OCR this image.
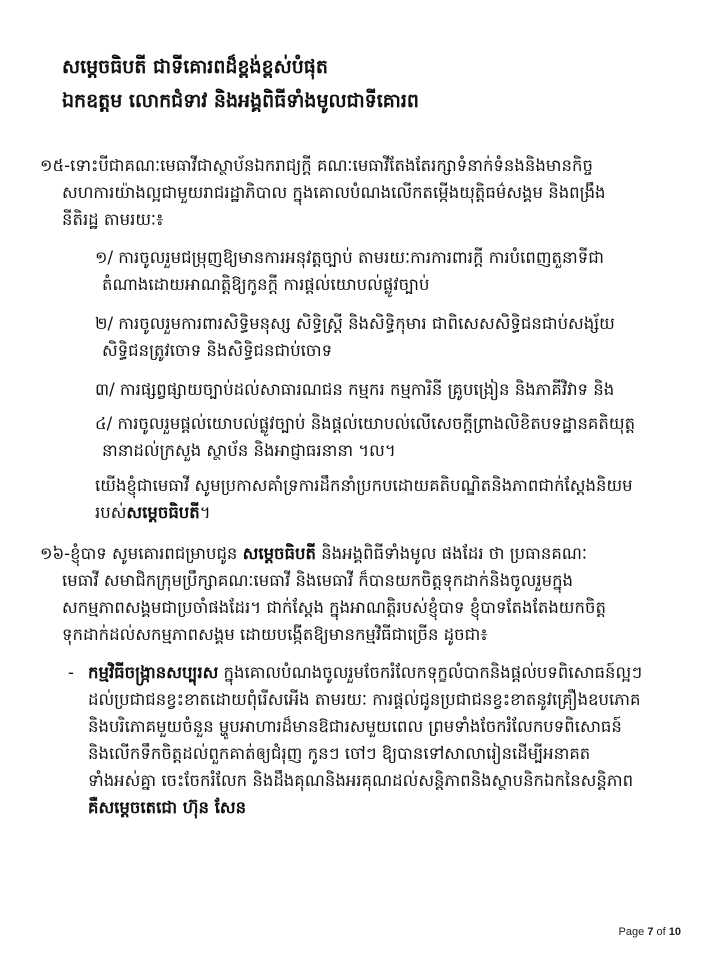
សម្ដេចធិបតី ជាទីគោរពដ៏ខ្ពង់ខ្ពស់បំផុត
ឯកឧត្តម លោកជំទាវ និងអង្គពិធីទាំងមូលជាទីគោរព
១៥-ទោះបីជាគណៈមេធាវីជាស្ថាប័នឯករាជ្យក្ដី គណៈមេធាវីតែងតែរក្សាទំនាក់ទំនងនិងមានកិច្ច
សហការយ៉ាងល្អជាមួយរាជរដ្ឋាភិបាល ក្នុងគោលបំណងលើកតម្កើងយុត្តិធម៌សង្គម និងពង្រឹង
នីតិរដ្ឋ តាមរយៈ៖
១/ ការចូលរួមជម្រុញឱ្យមានការអនុវត្តច្បាប់ តាមរយៈការការពារក្ដី ការបំពេញតួនាទីជា
តំណាងដោយអាណត្តិឱ្យកូនក្ដី ការផ្ដល់យោបល់ផ្លូវច្បាប់
២/ ការចូលរួមការពារសិទ្ធិមនុស្ស សិទ្ធិស្ត្រី និងសិទ្ធិកុមារ ជាពិសេសសិទ្ធិជនជាប់សង្ស័យ
សិទ្ធិជនត្រូវចោទ និងសិទ្ធិជនជាប់ចោទ
៣/ ការផ្សព្វផ្សាយច្បាប់ដល់សាធារណជន កម្មករ កម្មការិនី គ្រូបង្រៀន និងភាគីវិវាទ និង
៤/ ការចូលរួមផ្ដល់យោបល់ផ្លូវច្បាប់ និងផ្ដល់យោបល់លើសេចក្ដីព្រាងលិខិតបទដ្ឋានគតិយុត្ត
នានាដល់ក្រសួង ស្ថាប័ន និងអាជ្ញាធរនានា ។ល។
យើងខ្ញុំជាមេធាវី សូមប្រកាសគាំទ្រការដឹកនាំប្រកបដោយគតិបណ្ឌិតនិងភាពជាក់ស្ដែងនិយម
របស់សម្ដេចធិបតី។
១៦-ខ្ញុំបាទ សូមគោរពជម្រាបជូន សម្ដេចធិបតី និងអង្គពិធីទាំងមូល ផងដែរ ថា ប្រធានគណៈ
មេធាវី សមាជិកក្រុមប្រឹក្សាគណៈមេធាវី និងមេធាវី ក៏បានយកចិត្តទុកដាក់និងចូលរួមក្នុង
សកម្មភាពសង្គមជាប្រចាំផងដែរ។ ជាក់ស្ដែង ក្នុងអាណត្តិរបស់ខ្ញុំបាទ ខ្ញុំបាទតែងតែងយកចិត្ត
ទុកដាក់ដល់សកម្មភាពសង្គម ដោយបង្កើតឱ្យមានកម្មវិធីជាច្រើន ដូចជា៖
- កម្មវិធីចង្ក្រានសប្បុរស ក្នុងគោលបំណងចូលរួមចែករំលែកទុក្ខលំបាកនិងផ្ដល់បទពិសោធន៍ល្អៗ
ដល់ប្រជាជនខ្វះខាតដោយពុំរើសអើង តាមរយៈ ការផ្ដល់ជូនប្រជាជនខ្វះខាតនូវគ្រឿងឧបភោគ
និងបរិភោគមួយចំនួន ម្ហូបអាហារដ៏មានឱជារសមួយពេល ព្រមទាំងចែករំលែកបទពិសោធន៍
និងលើកទឹកចិត្តដល់ពួកគាត់ឲ្យជំរុញ កូនៗ ចៅៗ ឱ្យបានទៅសាលារៀនដើម្បីអនាគត
ទាំងអស់គ្នា ចេះចែករំលែក និងដឹងគុណនិងអរគុណដល់សន្តិភាពនិងស្ថាបនិកឯកនៃសន្តិភាព
គឺសម្ដេចតេជោ ហ៊ុន សែន
Page 7 of 10
